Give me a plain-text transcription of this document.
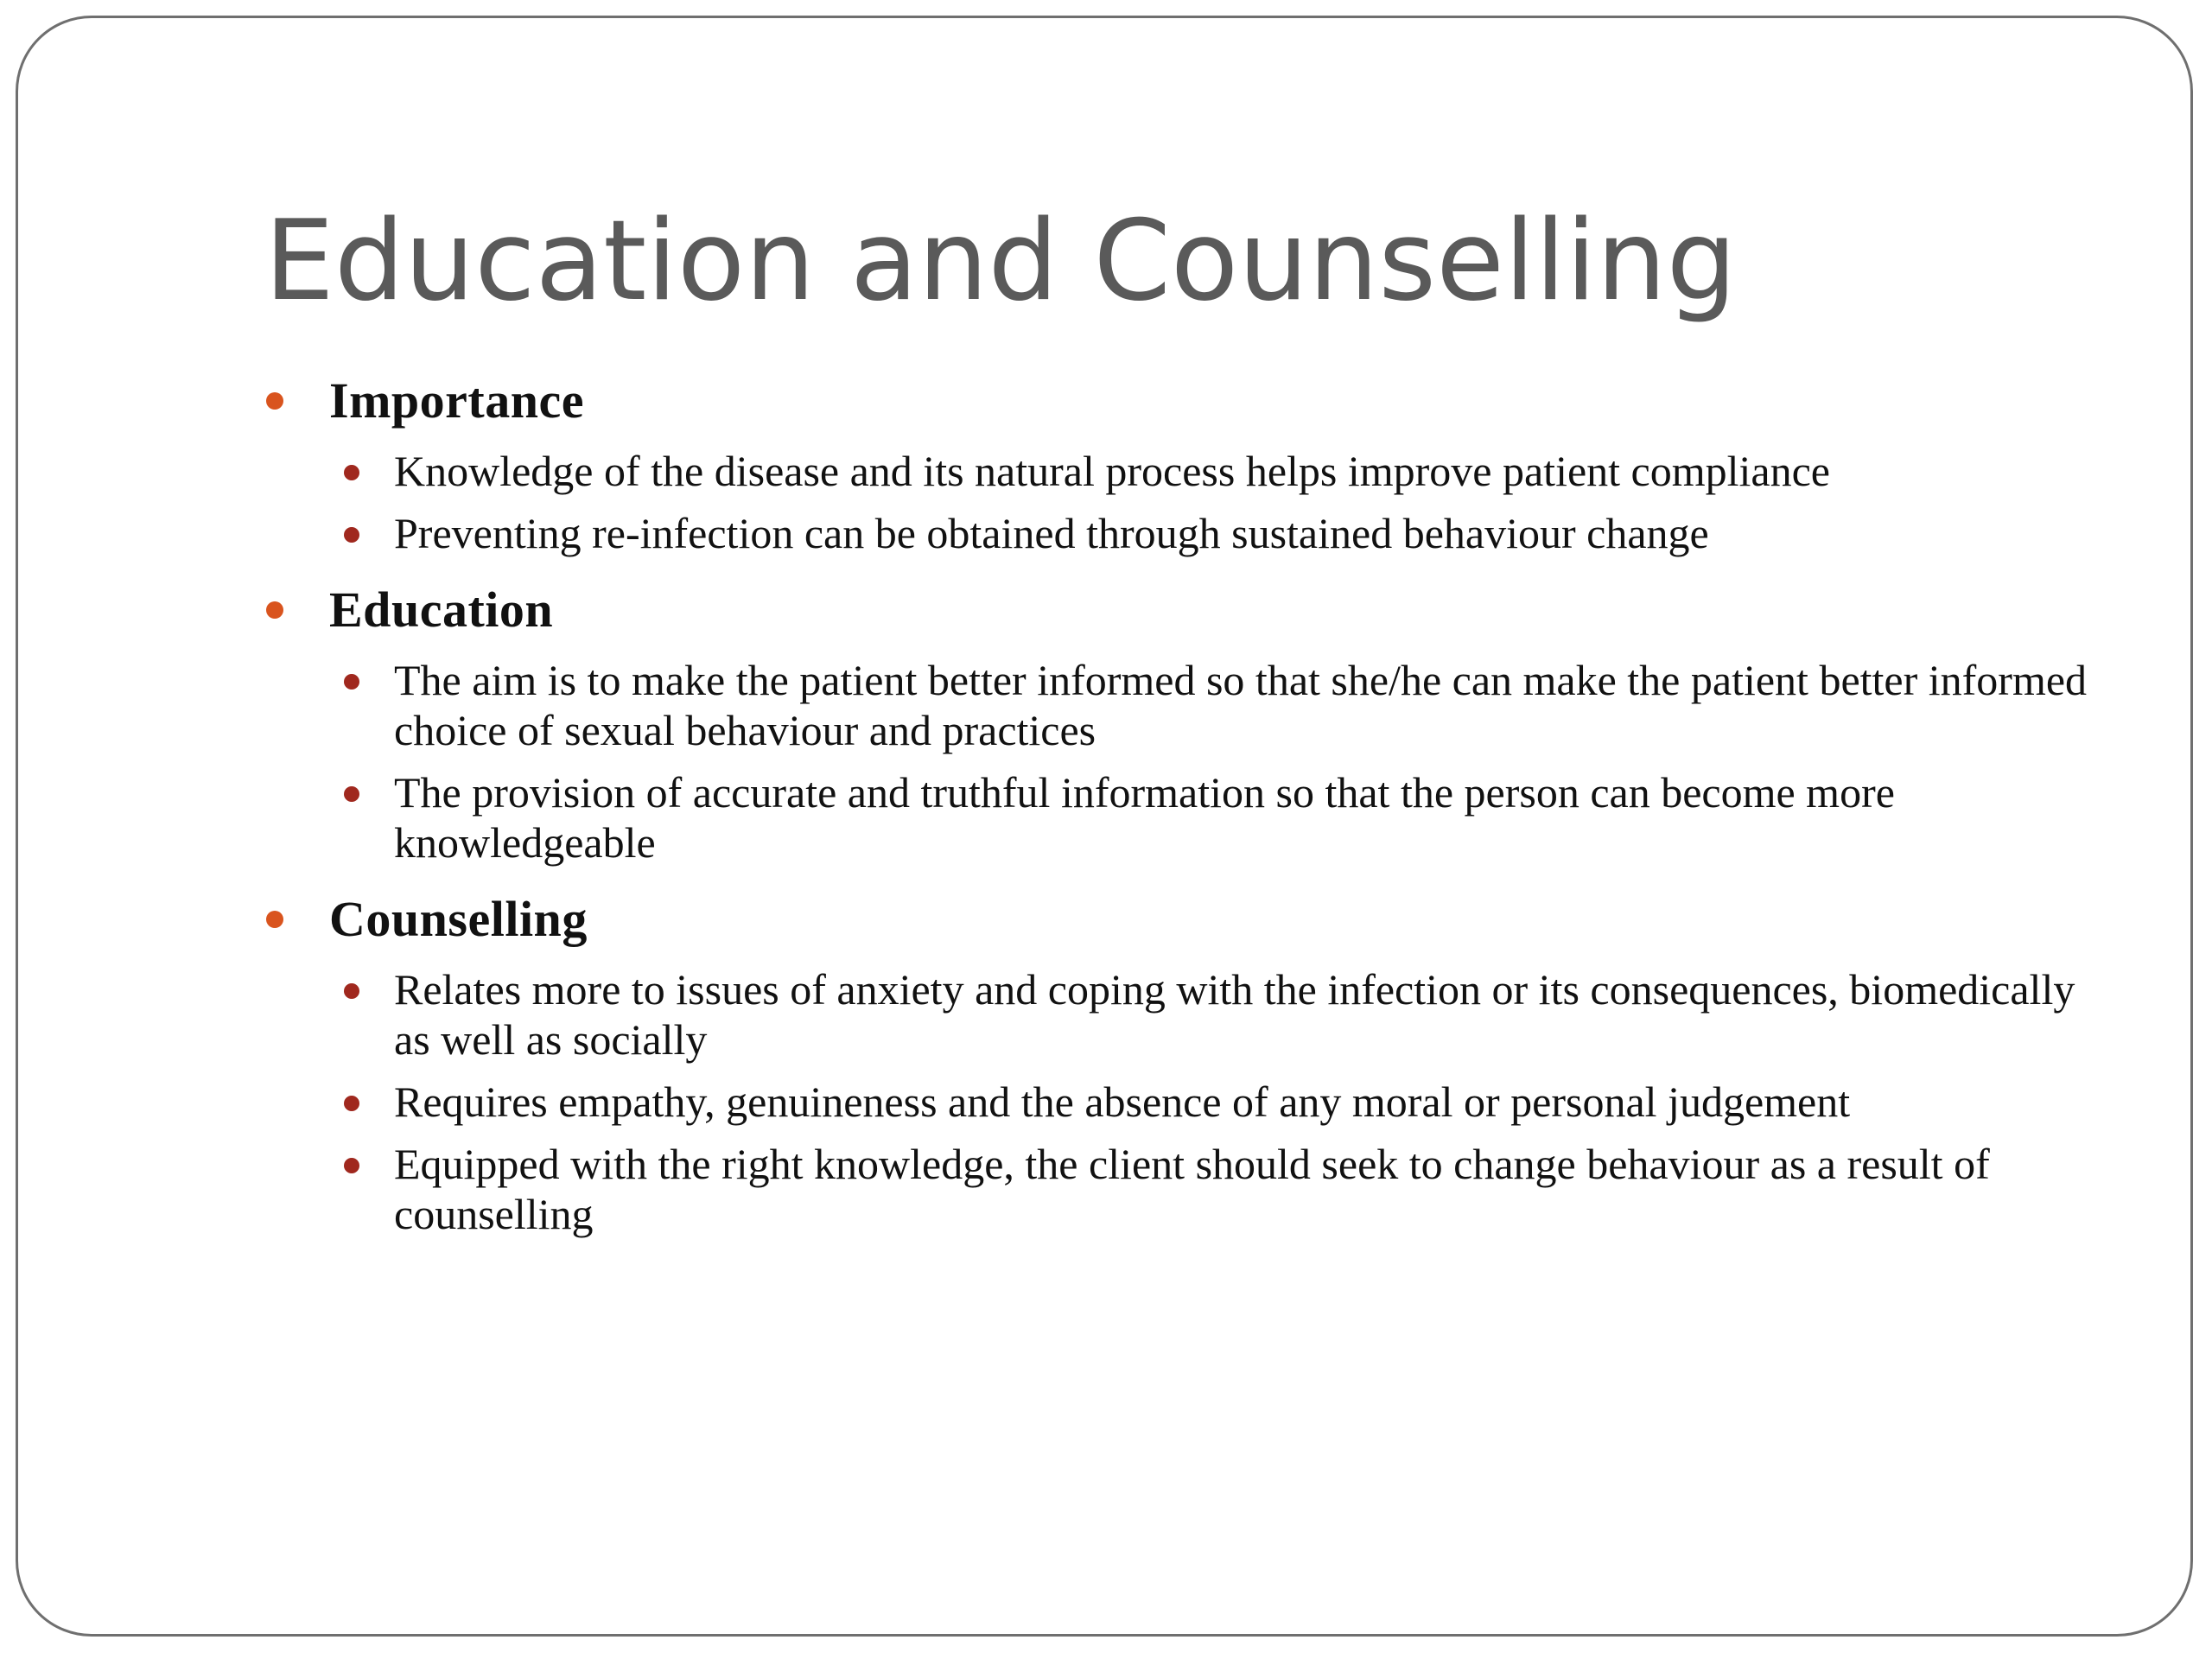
Education and Counselling
Importance
Knowledge of the disease and its natural process helps improve patient compliance
Preventing re-infection can be obtained through sustained behaviour change
Education
The aim is to make the patient better informed so that she/he can make the patient better informed choice of sexual behaviour and practices
The provision of accurate and truthful information so that the person can become more knowledgeable
Counselling
Relates more to issues of anxiety and coping with the infection or its consequences, biomedically as well as socially
Requires empathy, genuineness and the absence of any moral or personal judgement
Equipped with the right knowledge, the client should seek to change behaviour as a result of counselling
